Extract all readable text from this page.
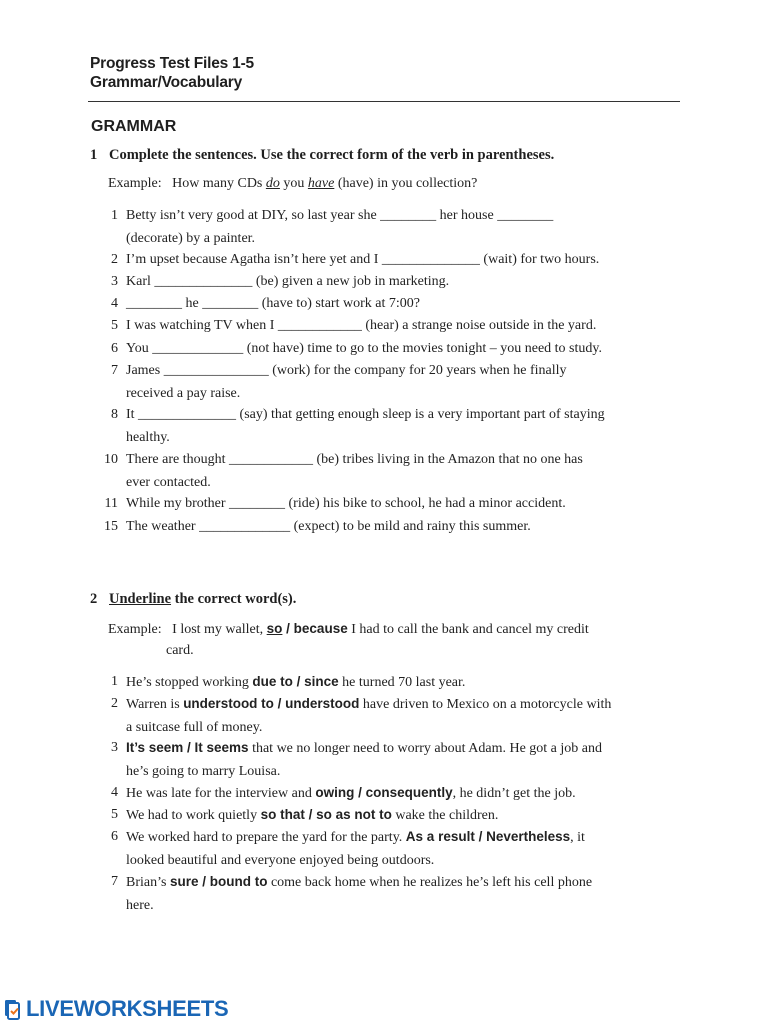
Progress Test Files 1-5
Grammar/Vocabulary
GRAMMAR
1 Complete the sentences. Use the correct form of the verb in parentheses.
Example: How many CDs do you have (have) in you collection?
1 Betty isn’t very good at DIY, so last year she ________ her house ________
(decorate) by a painter.
2 I’m upset because Agatha isn’t here yet and I ______________ (wait) for two hours.
3 Karl ______________ (be) given a new job in marketing.
4 ________ he ________ (have to) start work at 7:00?
5 I was watching TV when I ____________ (hear) a strange noise outside in the yard.
6 You _____________ (not have) time to go to the movies tonight – you need to study.
7 James _______________ (work) for the company for 20 years when he finally
received a pay raise.
8 It ______________ (say) that getting enough sleep is a very important part of staying
healthy.
10 There are thought ____________ (be) tribes living in the Amazon that no one has
ever contacted.
11 While my brother ________ (ride) his bike to school, he had a minor accident.
15 The weather _____________ (expect) to be mild and rainy this summer.
2 Underline the correct word(s).
Example: I lost my wallet, so / because I had to call the bank and cancel my credit
card.
1 He’s stopped working due to / since he turned 70 last year.
2 Warren is understood to / understood have driven to Mexico on a motorcycle with
a suitcase full of money.
3 It’s seem / It seems that we no longer need to worry about Adam. He got a job and
he’s going to marry Louisa.
4 He was late for the interview and owing / consequently, he didn’t get the job.
5 We had to work quietly so that / so as not to wake the children.
6 We worked hard to prepare the yard for the party. As a result / Nevertheless, it
looked beautiful and everyone enjoyed being outdoors.
7 Brian’s sure / bound to come back home when he realizes he’s left his cell phone
here.
LIVEWORKSHEETS
